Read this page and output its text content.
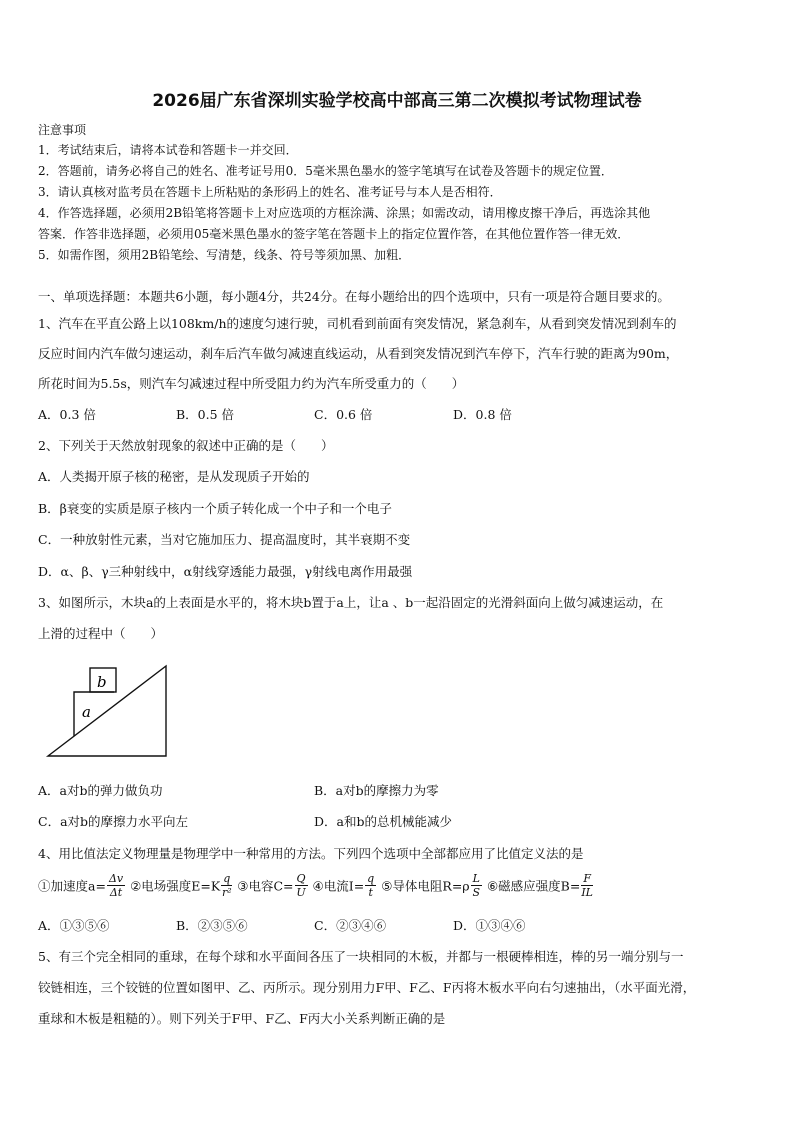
2026届广东省深圳实验学校高中部高三第二次模拟考试物理试卷
注意事项
1．考试结束后，请将本试卷和答题卡一并交回．
2．答题前，请务必将自己的姓名、准考证号用0．5毫米黑色墨水的签字笔填写在试卷及答题卡的规定位置．
3．请认真核对监考员在答题卡上所粘贴的条形码上的姓名、准考证号与本人是否相符．
4．作答选择题，必须用2B铅笔将答题卡上对应选项的方框涂满、涂黑；如需改动，请用橡皮擦干净后，再选涂其他
答案．作答非选择题，必须用05毫米黑色墨水的签字笔在答题卡上的指定位置作答，在其他位置作答一律无效．
5．如需作图，须用2B铅笔绘、写清楚，线条、符号等须加黑、加粗．
一、单项选择题：本题共6小题，每小题4分，共24分。在每小题给出的四个选项中，只有一项是符合题目要求的。
1、汽车在平直公路上以108km/h的速度匀速行驶，司机看到前面有突发情况，紧急刹车，从看到突发情况到刹车的
反应时间内汽车做匀速运动，刹车后汽车做匀减速直线运动，从看到突发情况到汽车停下，汽车行驶的距离为90m，
所花时间为5.5s，则汽车匀减速过程中所受阻力约为汽车所受重力的（　　）
A．0.3 倍	B．0.5 倍	C．0.6 倍	D．0.8 倍
2、下列关于天然放射现象的叙述中正确的是（　　）
A．人类揭开原子核的秘密，是从发现质子开始的
B．β衰变的实质是原子核内一个质子转化成一个中子和一个电子
C．一种放射性元素，当对它施加压力、提高温度时，其半衰期不变
D．α、β、γ三种射线中，α射线穿透能力最强，γ射线电离作用最强
3、如图所示，木块a的上表面是水平的，将木块b置于a上，让a 、b一起沿固定的光滑斜面向上做匀减速运动，在
上滑的过程中（　　）
a
b
A．a对b的弹力做负功	B．a对b的摩擦力为零
C．a对b的摩擦力水平向左	D．a和b的总机械能减少
4、用比值法定义物理量是物理学中一种常用的方法。下列四个选项中全部都应用了比值定义法的是
①加速度$a= \frac{\Delta v}{\Delta t}$ ②电场强度$E=K \frac{q}{\text{r²}}$ ③电容$C= \frac{Q}{U}$ ④电流$I= \frac{q}{t}$ ⑤导体电阻$R=\rho \frac{L}{S}$ ⑥磁感应强度$B= \frac{F}{IL}$
A．①③⑤⑥	B．②③⑤⑥	C．②③④⑥	D．①③④⑥
5、有三个完全相同的重球，在每个球和水平面间各压了一块相同的木板，并都与一根硬棒相连，棒的另一端分别与一
铰链相连，三个铰链的位置如图甲、乙、丙所示。现分别用力F甲、F乙、F丙将木板水平向右匀速抽出，（水平面光滑，
重球和木板是粗糙的）。则下列关于F甲、F乙、F丙大小关系判断正确的是
